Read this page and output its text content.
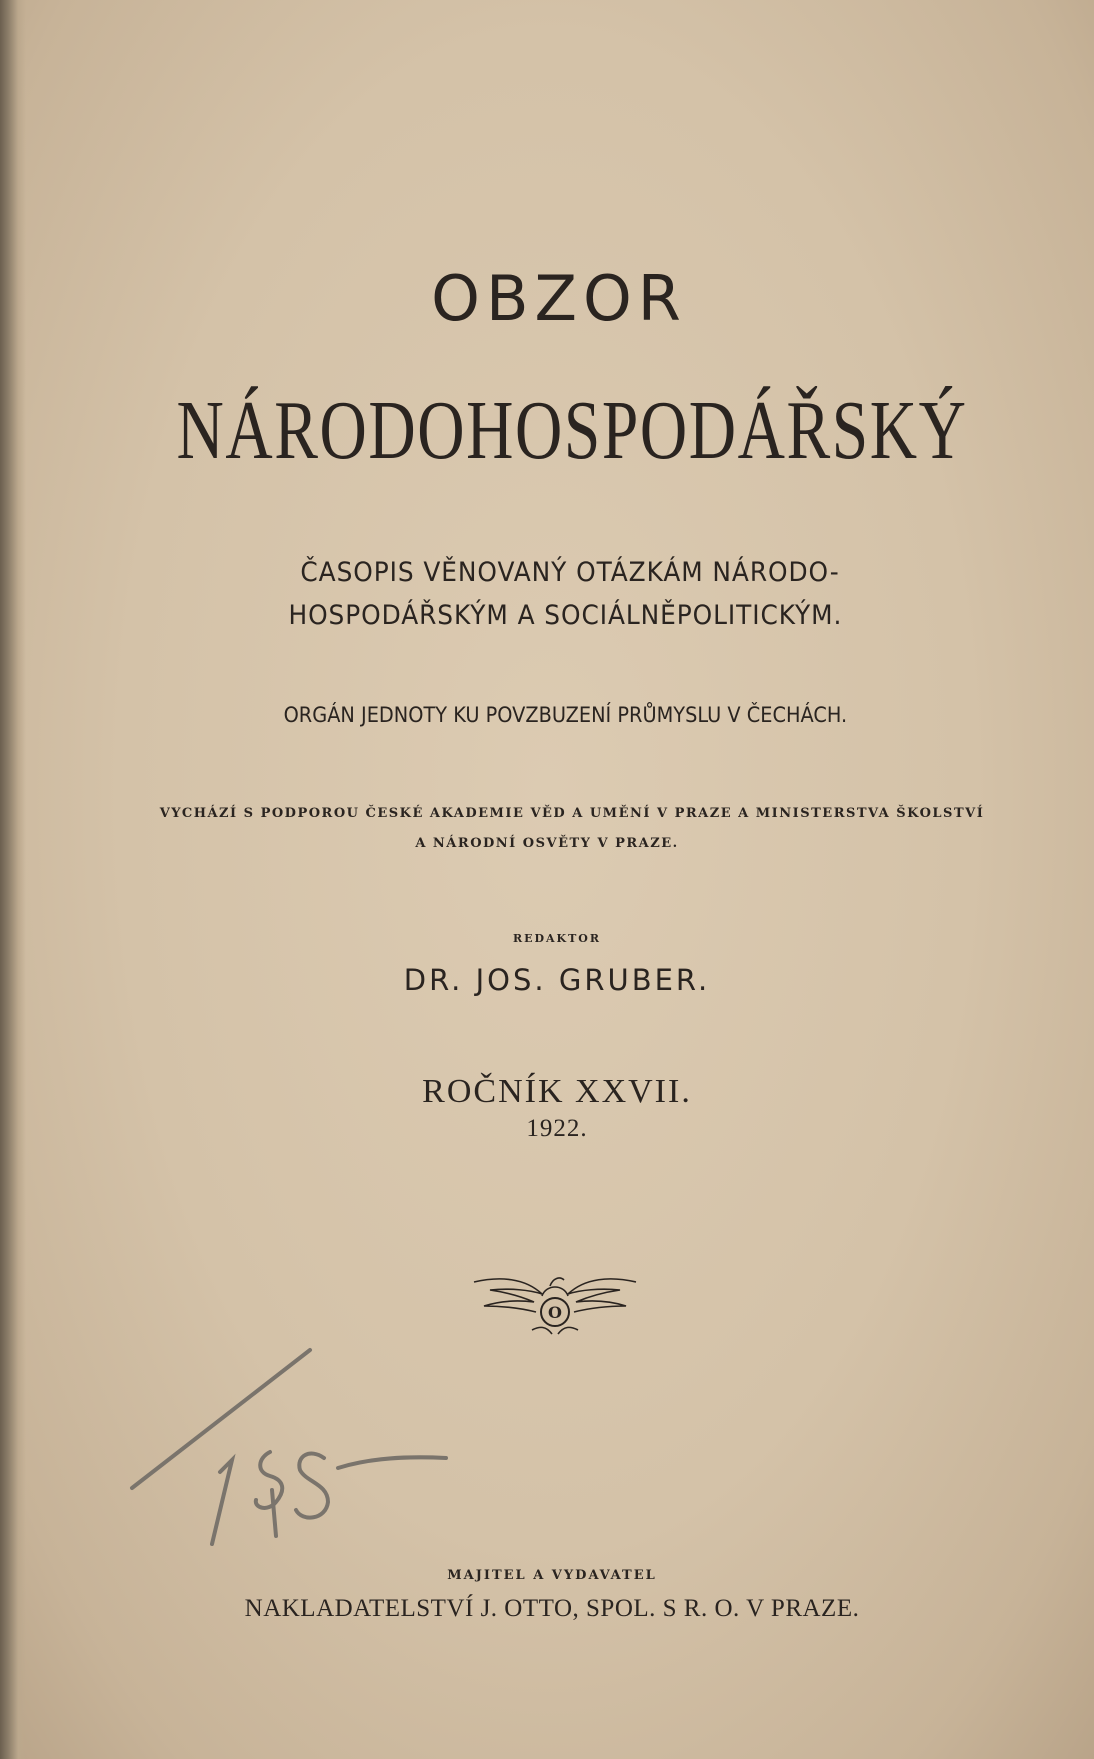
OBZOR
NÁRODOHOSPODÁŘSKÝ
ČASOPIS VĚNOVANÝ OTÁZKÁM NÁRODO-
HOSPODÁŘSKÝM A SOCIÁLNĚPOLITICKÝM.
ORGÁN JEDNOTY KU POVZBUZENÍ PRŮMYSLU V ČECHÁCH.
VYCHÁZÍ S PODPOROU ČESKÉ AKADEMIE VĚD A UMĚNÍ V PRAZE A MINISTERSTVA ŠKOLSTVÍ
A NÁRODNÍ OSVĚTY V PRAZE.
REDAKTOR
DR. JOS. GRUBER.
ROČNÍK XXVII.
1922.
O
185
MAJITEL A VYDAVATEL
NAKLADATELSTVÍ J. OTTO, SPOL. S R. O. V PRAZE.
